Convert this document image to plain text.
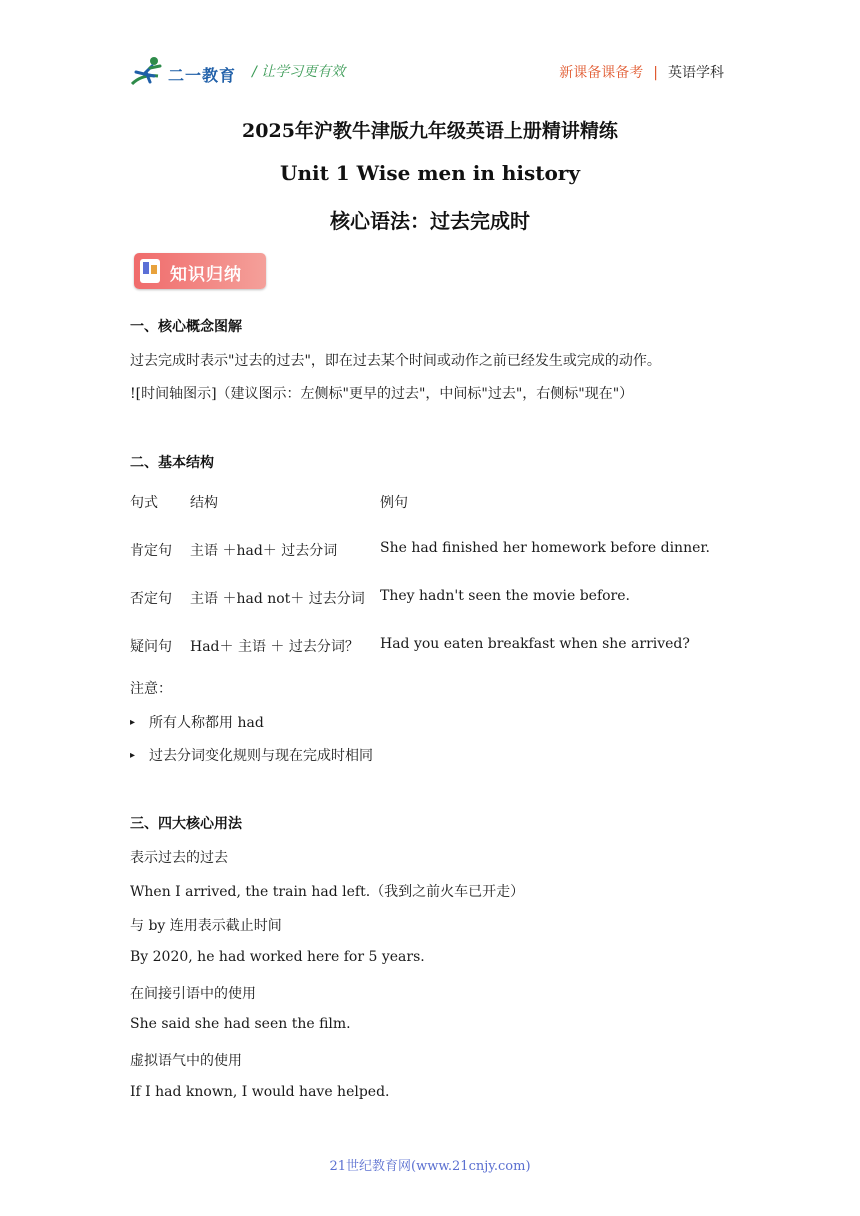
二一教育 / 让学习更有效	新课备课备考 | 英语学科
2025年沪教牛津版九年级英语上册精讲精练
Unit 1 Wise men in history
核心语法：过去完成时
知识归纳
一、核心概念图解
过去完成时表示"过去的过去"，即在过去某个时间或动作之前已经发生或完成的动作。
![时间轴图示]（建议图示：左侧标"更早的过去"，中间标"过去"，右侧标"现在"）
二、基本结构
句式 结构	例句
肯定句 主语 ＋had＋ 过去分词	She had finished her homework before dinner.
否定句 主语 ＋had not＋ 过去分词 They hadn't seen the movie before.
疑问句 Had＋ 主语 ＋ 过去分词？ Had you eaten breakfast when she arrived?
注意：
▸ 所有人称都用 had
▸ 过去分词变化规则与现在完成时相同
三、四大核心用法
表示过去的过去
When I arrived, the train had left.（我到之前火车已开走）
与 by 连用表示截止时间
By 2020, he had worked here for 5 years.
在间接引语中的使用
She said she had seen the film.
虚拟语气中的使用
If I had known, I would have helped.
21世纪教育网(www.21cnjy.com)
